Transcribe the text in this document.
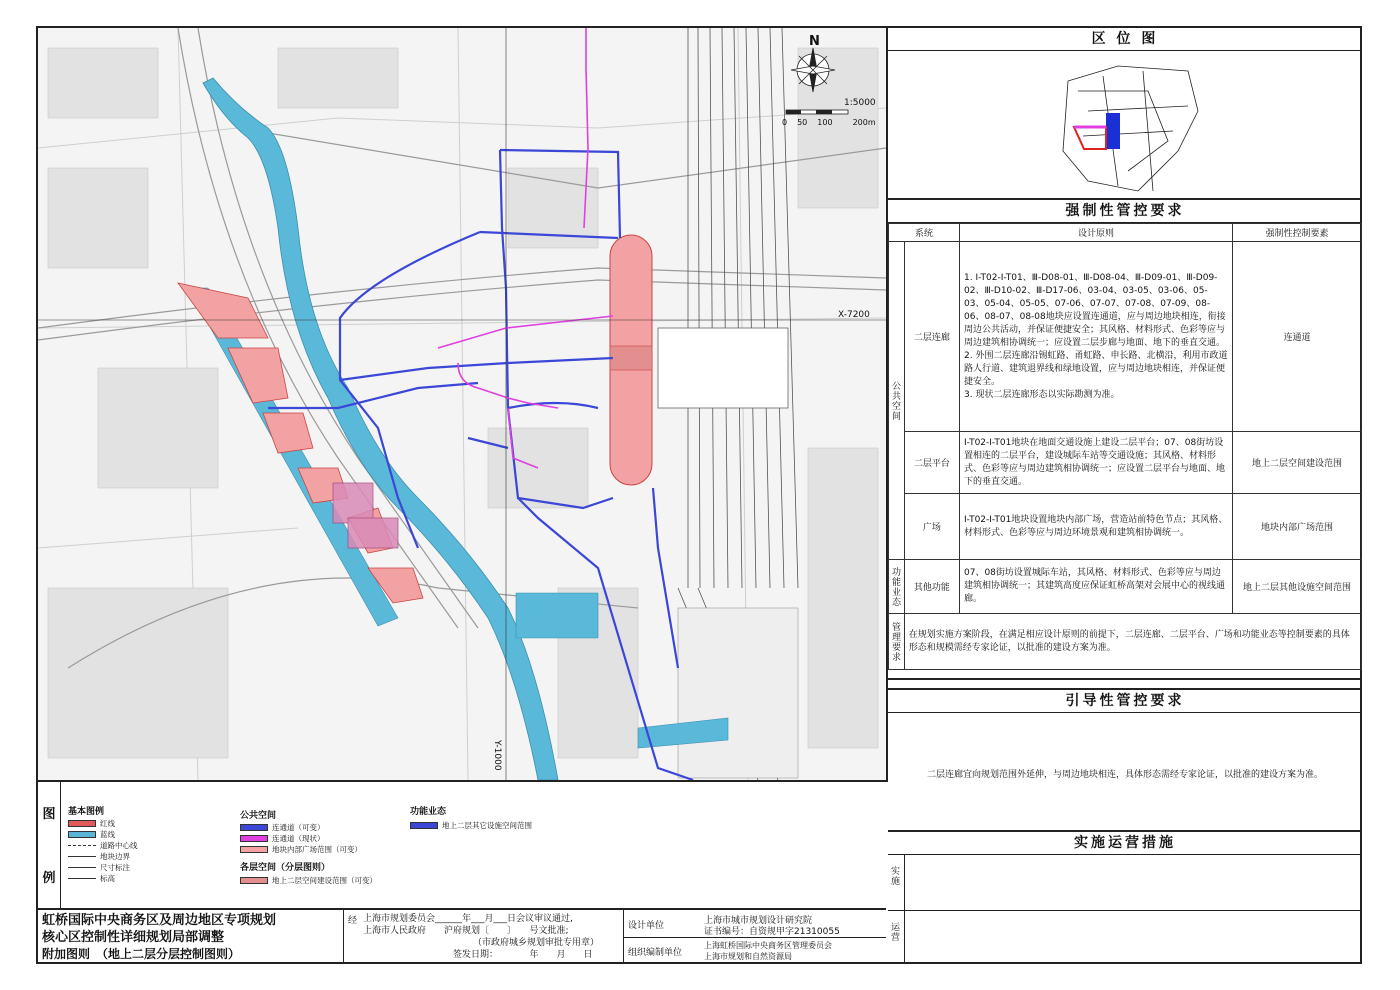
N
1:5000
0 50 100	200m
X-7200
Y-1000
区 位 图
强制性管控要求
系统		设计原则	强制性控制要素

公共空间	二层连廊	1. Ⅰ-T02-Ⅰ-T01、Ⅲ-D08-01、Ⅲ-D08-04、Ⅲ-D09-01、Ⅲ-D09-02、Ⅲ-D10-02、Ⅲ-D17-06、03-04、03-05、03-06、05-03、05-04、05-05、07-06、07-07、07-08、07-09、08-06、08-07、08-08地块应设置连通道，应与周边地块相连，衔接周边公共活动，并保证便捷安全；其风格、材料形式、色彩等应与周边建筑相协调统一；应设置二层步廊与地面、地下的垂直交通。
2. 外围二层连廊沿锡虹路、甬虹路、申长路、北横沿，利用市政道路人行道、建筑退界线和绿地设置，应与周边地块相连，并保证便捷安全。
3. 现状二层连廊形态以实际勘测为准。	连通道
	二层平台	Ⅰ-T02-Ⅰ-T01地块在地面交通设施上建设二层平台；07、08街坊设置相连的二层平台，建设城际车站等交通设施；其风格、材料形式、色彩等应与周边建筑相协调统一；应设置二层平台与地面、地下的垂直交通。	地上二层空间建设范围
	广场	Ⅰ-T02-Ⅰ-T01地块设置地块内部广场，营造站前特色节点；其风格、材料形式、色彩等应与周边环境景观和建筑相协调统一。	地块内部广场范围

功能业态	其他功能	07、08街坊设置城际车站，其风格、材料形式、色彩等应与周边建筑相协调统一；其建筑高度应保证虹桥高架对会展中心的视线通廊。	地上二层其他设施空间范围

管理要求	在规划实施方案阶段，在满足相应设计原则的前提下，二层连廊、二层平台、广场和功能业态等控制要素的具体形态和规模需经专家论证，以批准的建设方案为准。		
引导性管控要求
二层连廊宜向规划范围外延伸，与周边地块相连，具体形态需经专家论证，以批准的建设方案为准。
实施运营措施
实施
运营
图
例
基本图例
红线
蓝线
道路中心线
地块边界
尺寸标注
标高
公共空间
连通道（可变）
连通道（现状）
地块内部广场范围（可变）
各层空间（分层图则）
地上二层空间建设范围（可变）
功能业态
地上二层其它设施空间范围
虹桥国际中央商务区及周边地区专项规划
核心区控制性详细规划局部调整
附加图则　（地上二层分层控制图则）
经 上海市规划委员会______年___月___日会议审议通过,
上海市人民政府　　沪府规划〔　　〕　　号文批准;
（市政府城乡规划审批专用章）
签发日期：　　　　年　　月　　日
设计单位	上海市城市规划设计研究院
证书编号：自资规甲字21310055
组织编制单位
上海虹桥国际中央商务区管理委员会
上海市规划和自然资源局
